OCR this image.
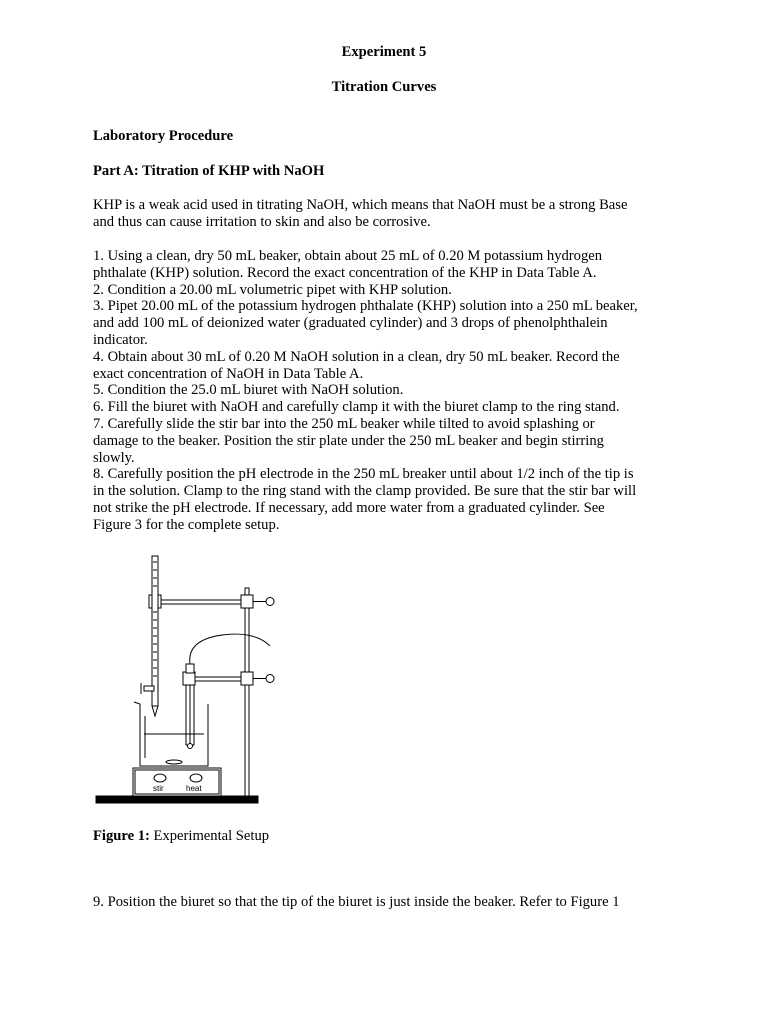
Experiment 5
Titration Curves
Laboratory Procedure
Part A: Titration of KHP with NaOH
KHP is a weak acid used in titrating NaOH, which means that NaOH must be a strong Base
and thus can cause irritation to skin and also be corrosive.
1. Using a clean, dry 50 mL beaker, obtain about 25 mL of 0.20 M potassium hydrogen
phthalate (KHP) solution. Record the exact concentration of the KHP in Data Table A.
2. Condition a 20.00 mL volumetric pipet with KHP solution.
3. Pipet 20.00 mL of the potassium hydrogen phthalate (KHP) solution into a 250 mL beaker,
and add 100 mL of deionized water (graduated cylinder) and 3 drops of phenolphthalein
indicator.
4. Obtain about 30 mL of 0.20 M NaOH solution in a clean, dry 50 mL beaker. Record the
exact concentration of NaOH in Data Table A.
5. Condition the 25.0 mL biuret with NaOH solution.
6. Fill the biuret with NaOH and carefully clamp it with the biuret clamp to the ring stand.
7. Carefully slide the stir bar into the 250 mL beaker while tilted to avoid splashing or
damage to the beaker. Position the stir plate under the 250 mL beaker and begin stirring
slowly.
8. Carefully position the pH electrode in the 250 mL breaker until about 1/2 inch of the tip is
in the solution. Clamp to the ring stand with the clamp provided. Be sure that the stir bar will
not strike the pH electrode. If necessary, add more water from a graduated cylinder. See
Figure 3 for the complete setup.
stir	heat
Figure 1: Experimental Setup
9. Position the biuret so that the tip of the biuret is just inside the beaker. Refer to Figure 1
